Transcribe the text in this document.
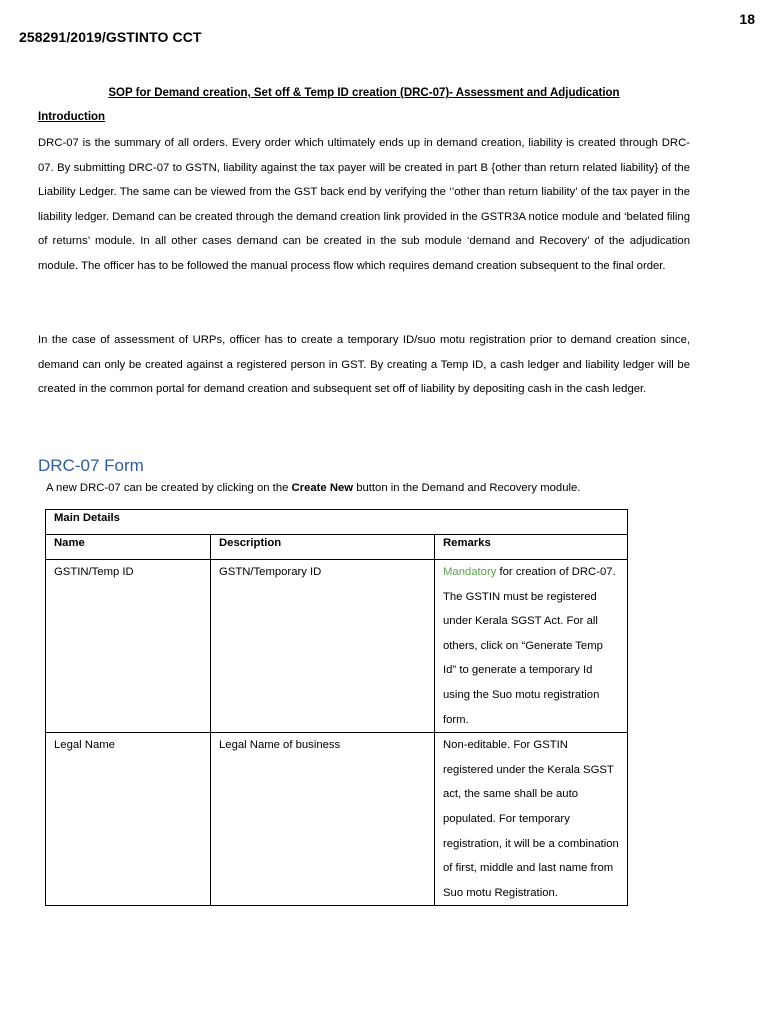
18
258291/2019/GSTINTO CCT
SOP for Demand creation, Set off & Temp ID creation (DRC-07)- Assessment and Adjudication
Introduction

DRC-07 is the summary of all orders. Every order which ultimately ends up in demand creation, liability is created through DRC-07. By submitting DRC-07 to GSTN, liability against the tax payer will be created in part B {other than return related liability} of the Liability Ledger. The same can be viewed from the GST back end by verifying the ‘’other than return liability’ of the tax payer in the liability ledger. Demand can be created through the demand creation link provided in the GSTR3A notice module and ‘belated filing of returns’ module. In all other cases demand can be created in the sub module ‘demand and Recovery’ of the adjudication module. The officer has to be followed the manual process flow which requires demand creation subsequent to the final order.

In the case of assessment of URPs, officer has to create a temporary ID/suo motu registration prior to demand creation since, demand can only be created against a registered person in GST. By creating a Temp ID, a cash ledger and liability ledger will be created in the common portal for demand creation and subsequent set off of liability by depositing cash in the cash ledger.

DRC-07 Form
A new DRC-07 can be created by clicking on the Create New button in the Demand and Recovery module.
Main Details		
Name	Description	Remarks
GSTIN/Temp ID	GSTN/Temporary ID	Mandatory for creation of DRC-07. The GSTIN must be registered under Kerala SGST Act. For all others, click on “Generate Temp Id” to generate a temporary Id using the Suo motu registration form.
Legal Name	Legal Name of business	Non-editable. For GSTIN registered under the Kerala SGST act, the same shall be auto populated. For temporary registration, it will be a combination of first, middle and last name from Suo motu Registration.
